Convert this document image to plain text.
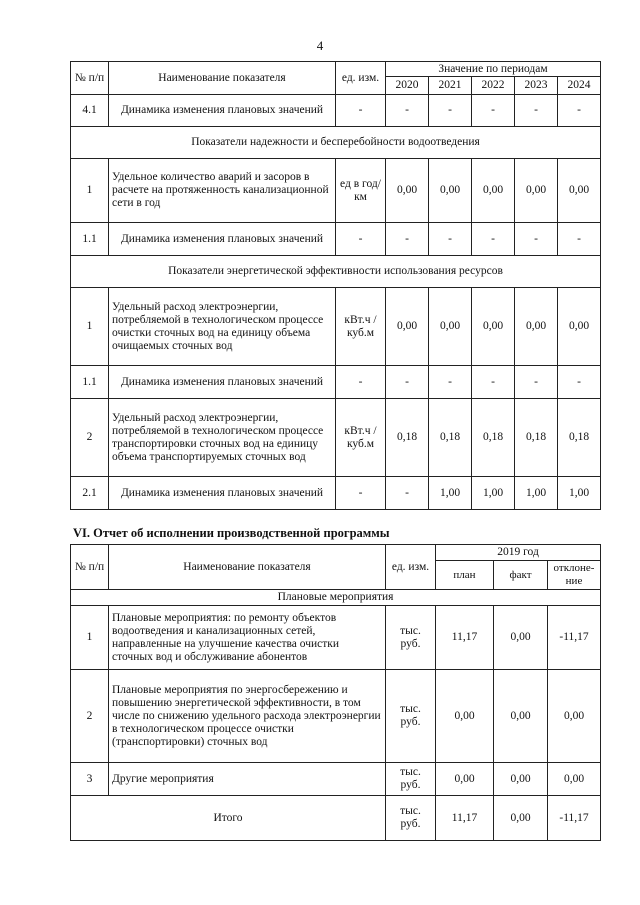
4
№ п/п	Наименование показателя	ед. изм.	Значение по периодам				
			2020	2021	2022	2023	2024
4.1	Динамика изменения плановых значений	-	-	-	-	-	-
Показатели надежности и бесперебойности водоотведения							
1	Удельное количество аварий и засоров в расчете на протяженность канализационной сети в год	ед в год/ км	0,00	0,00	0,00	0,00	0,00
1.1	Динамика изменения плановых значений	-	-	-	-	-	-
Показатели энергетической эффективности использования ресурсов							
1	Удельный расход электроэнергии, потребляемой в технологическом процессе очистки сточных вод на единицу объема очищаемых сточных вод	кВт.ч / куб.м	0,00	0,00	0,00	0,00	0,00
1.1	Динамика изменения плановых значений	-	-	-	-	-	-
2	Удельный расход электроэнергии, потребляемой в технологическом процессе транспортировки сточных вод на единицу объема транспортируемых сточных вод	кВт.ч / куб.м	0,18	0,18	0,18	0,18	0,18
2.1	Динамика изменения плановых значений	-	-	1,00	1,00	1,00	1,00
VI. Отчет об исполнении производственной программы
№ п/п	Наименование показателя	ед. изм.	2019 год		
			план	факт	отклоне-ние
Плановые мероприятия					
1	Плановые мероприятия: по ремонту объектов водоотведения и канализационных сетей, направленные на улучшение качества очистки сточных вод и обслуживание абонентов	тыс. руб.	11,17	0,00	-11,17
2	Плановые мероприятия по энергосбережению и повышению энергетической эффективности, в том числе по снижению удельного расхода электроэнергии в технологическом процессе очистки (транспортировки) сточных вод	тыс. руб.	0,00	0,00	0,00
3	Другие мероприятия	тыс. руб.	0,00	0,00	0,00
Итого		тыс. руб.	11,17	0,00	-11,17
